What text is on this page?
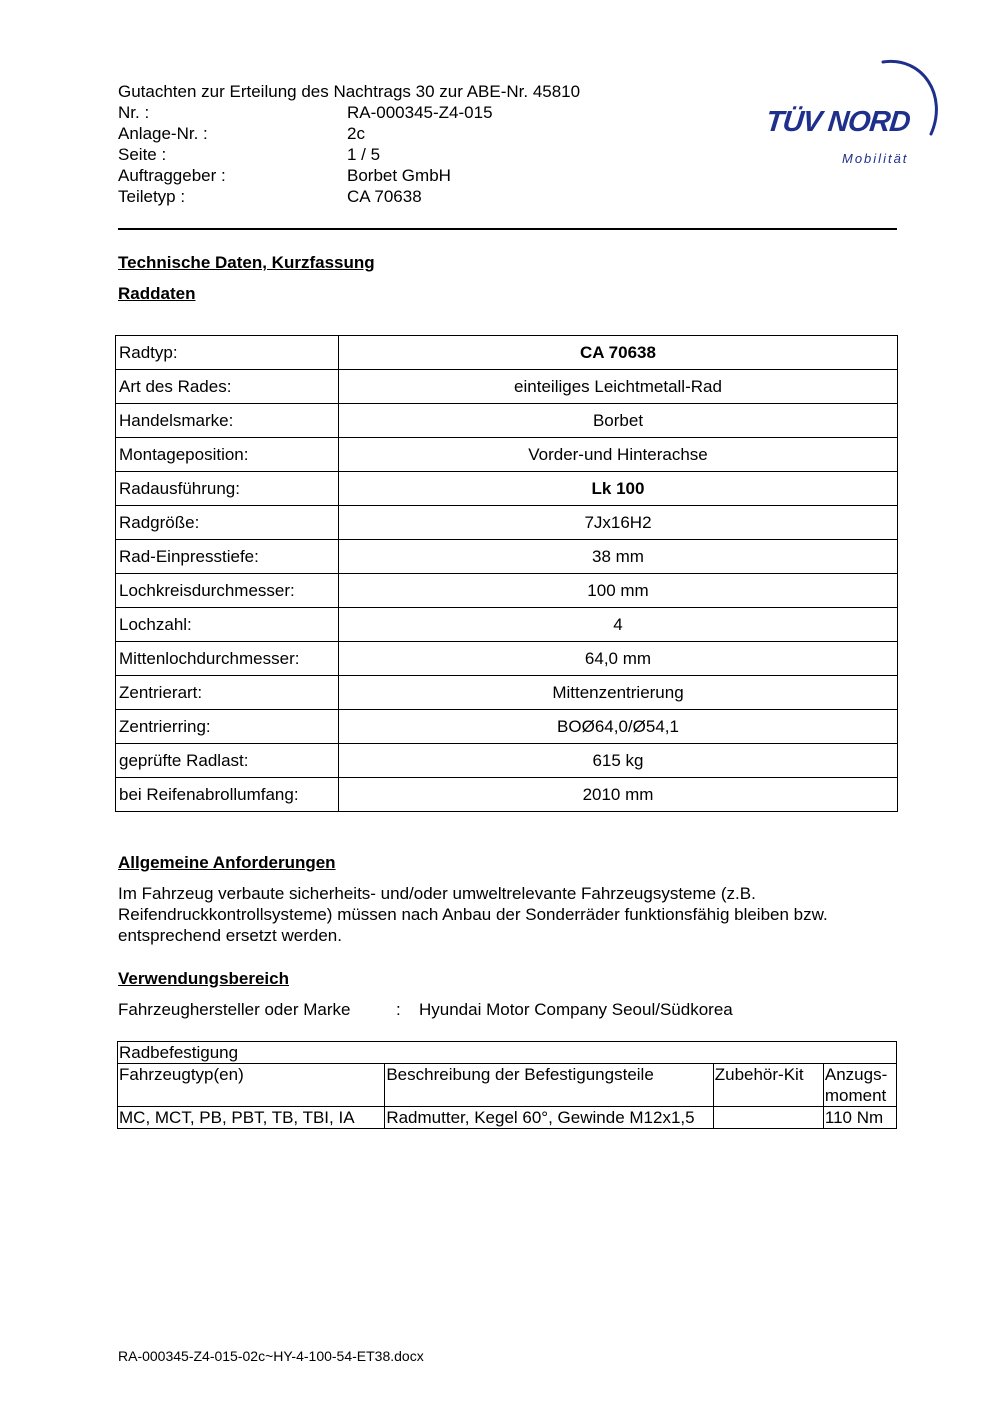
Gutachten zur Erteilung des Nachtrags 30 zur ABE-Nr. 45810
Nr. :	RA-000345-Z4-015
Anlage-Nr. :	2c
Seite :	1 / 5
Auftraggeber :	Borbet GmbH
Teiletyp :	CA 70638
TÜV NORD
Mobilität
Technische Daten, Kurzfassung
Raddaten
Radtyp:	CA 70638
Art des Rades:	einteiliges Leichtmetall-Rad
Handelsmarke:	Borbet
Montageposition:	Vorder-und Hinterachse
Radausführung:	Lk 100
Radgröße:	7Jx16H2
Rad-Einpresstiefe:	38 mm
Lochkreisdurchmesser:	100 mm
Lochzahl:	4
Mittenlochdurchmesser:	64,0 mm
Zentrierart:	Mittenzentrierung
Zentrierring:	BOØ64,0/Ø54,1
geprüfte Radlast:	615 kg
bei Reifenabrollumfang:	2010 mm
Allgemeine Anforderungen
Im Fahrzeug verbaute sicherheits- und/oder umweltrelevante Fahrzeugsysteme (z.B. Reifendruckkontrollsysteme) müssen nach Anbau der Sonderräder funktionsfähig bleiben bzw. entsprechend ersetzt werden.
Verwendungsbereich
Fahrzeughersteller oder Marke	: Hyundai Motor Company Seoul/Südkorea
Radbefestigung			
Fahrzeugtyp(en)	Beschreibung der Befestigungsteile	Zubehör-Kit	Anzugs-moment
MC, MCT, PB, PBT, TB, TBI, IA	Radmutter, Kegel 60°, Gewinde M12x1,5		110 Nm
RA-000345-Z4-015-02c~HY-4-100-54-ET38.docx
